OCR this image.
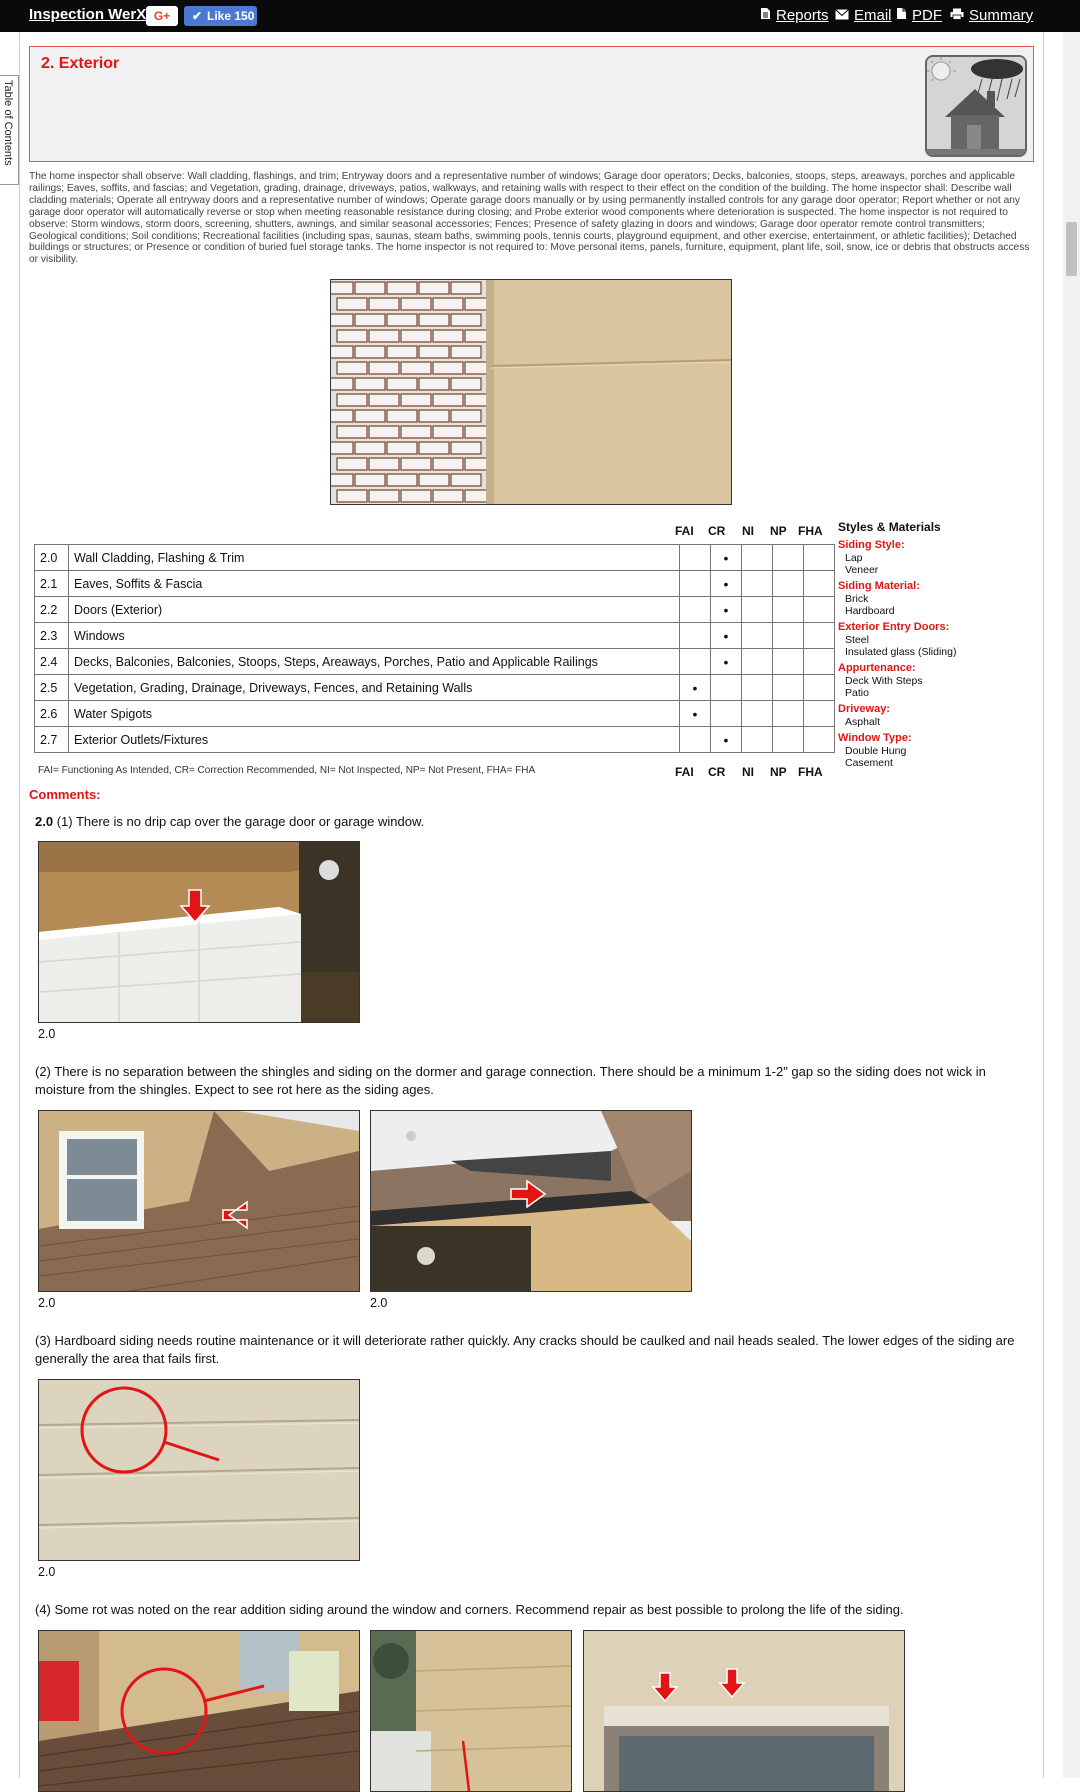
Inspection WerX G+	✔ Like 150	Reports	Email	PDF	Summary
Table of Contents
2. Exterior
The home inspector shall observe: Wall cladding, flashings, and trim; Entryway doors and a representative number of windows; Garage door operators; Decks, balconies, stoops, steps, areaways, porches and applicable railings; Eaves, soffits, and fascias; and Vegetation, grading, drainage, driveways, patios, walkways, and retaining walls with respect to their effect on the condition of the building. The home inspector shall: Describe wall cladding materials; Operate all entryway doors and a representative number of windows; Operate garage doors manually or by using permanently installed controls for any garage door operator; Report whether or not any garage door operator will automatically reverse or stop when meeting reasonable resistance during closing; and Probe exterior wood components where deterioration is suspected. The home inspector is not required to observe: Storm windows, storm doors, screening, shutters, awnings, and similar seasonal accessories; Fences; Presence of safety glazing in doors and windows; Garage door operator remote control transmitters; Geological conditions; Soil conditions; Recreational facilities (including spas, saunas, steam baths, swimming pools, tennis courts, playground equipment, and other exercise, entertainment, or athletic facilities); Detached buildings or structures; or Presence or condition of buried fuel storage tanks. The home inspector is not required to: Move personal items, panels, furniture, equipment, plant life, soil, snow, ice or debris that obstructs access or visibility.
FAI CR NI NP FHA
2.0	Wall Cladding, Flashing & Trim		•			
2.1	Eaves, Soffits & Fascia		•			
2.2	Doors (Exterior)		•			
2.3	Windows		•			
2.4	Decks, Balconies, Balconies, Stoops, Steps, Areaways, Porches, Patio and Applicable Railings		•			
2.5	Vegetation, Grading, Drainage, Driveways, Fences, and Retaining Walls	•				
2.6	Water Spigots	•				
2.7	Exterior Outlets/Fixtures		•			
FAI= Functioning As Intended, CR= Correction Recommended, NI= Not Inspected, NP= Not Present, FHA= FHA	FAI CR NI NP FHA
Styles & Materials
Siding Style:
Lap
Veneer
Siding Material:
Brick
Hardboard
Exterior Entry Doors:
Steel
Insulated glass (Sliding)
Appurtenance:
Deck With Steps
Patio
Driveway:
Asphalt
Window Type:
Double Hung
Casement
Comments:
2.0 (1) There is no drip cap over the garage door or garage window.
2.0
(2) There is no separation between the shingles and siding on the dormer and garage connection. There should be a minimum 1-2" gap so the siding does not wick in moisture from the shingles. Expect to see rot here as the siding ages.
2.0	2.0
(3) Hardboard siding needs routine maintenance or it will deteriorate rather quickly. Any cracks should be caulked and nail heads sealed. The lower edges of the siding are generally the area that fails first.
2.0
(4) Some rot was noted on the rear addition siding around the window and corners. Recommend repair as best possible to prolong the life of the siding.
